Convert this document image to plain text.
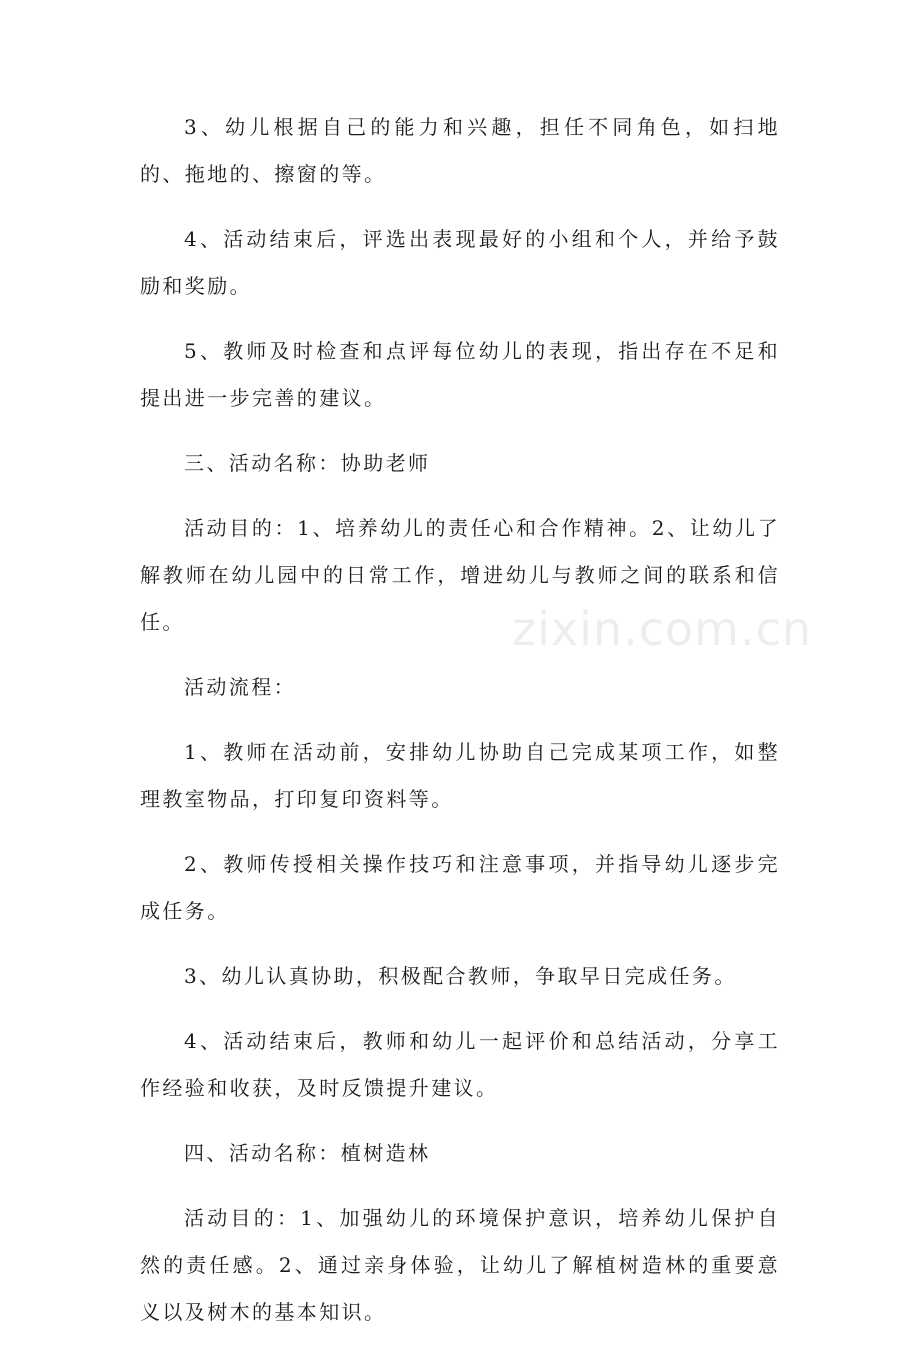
3、幼儿根据自己的能力和兴趣，担任不同角色，如扫地的、拖地的、擦窗的等。

4、活动结束后，评选出表现最好的小组和个人，并给予鼓励和奖励。

5、教师及时检查和点评每位幼儿的表现，指出存在不足和提出进一步完善的建议。

三、活动名称：协助老师

活动目的：1、培养幼儿的责任心和合作精神。2、让幼儿了解教师在幼儿园中的日常工作，增进幼儿与教师之间的联系和信任。

活动流程：

1、教师在活动前，安排幼儿协助自己完成某项工作，如整理教室物品，打印复印资料等。

2、教师传授相关操作技巧和注意事项，并指导幼儿逐步完成任务。

3、幼儿认真协助，积极配合教师，争取早日完成任务。

4、活动结束后，教师和幼儿一起评价和总结活动，分享工作经验和收获，及时反馈提升建议。

四、活动名称：植树造林

活动目的：1、加强幼儿的环境保护意识，培养幼儿保护自然的责任感。2、通过亲身体验，让幼儿了解植树造林的重要意义以及树木的基本知识。

zixin.com.cn
